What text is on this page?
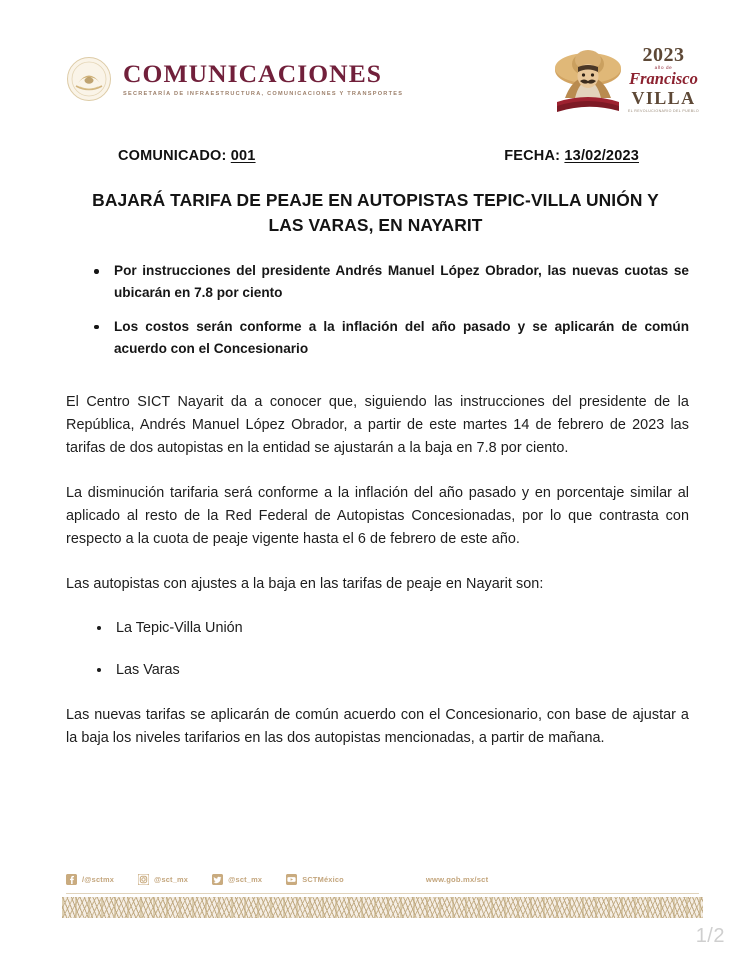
COMUNICACIONES
SECRETARÍA DE INFRAESTRUCTURA, COMUNICACIONES Y TRANSPORTES
2023
año de
Francisco
VILLA
EL REVOLUCIONARIO DEL PUEBLO
COMUNICADO: 001	FECHA: 13/02/2023
BAJARÁ TARIFA DE PEAJE EN AUTOPISTAS TEPIC-VILLA UNIÓN Y LAS VARAS, EN NAYARIT
Por instrucciones del presidente Andrés Manuel López Obrador, las nuevas cuotas se ubicarán en 7.8 por ciento
Los costos serán conforme a la inflación del año pasado y se aplicarán de común acuerdo con el Concesionario

El Centro SICT Nayarit da a conocer que, siguiendo las instrucciones del presidente de la República, Andrés Manuel López Obrador, a partir de este martes 14 de febrero de 2023 las tarifas de dos autopistas en la entidad se ajustarán a la baja en 7.8 por ciento.

La disminución tarifaria será conforme a la inflación del año pasado y en porcentaje similar al aplicado al resto de la Red Federal de Autopistas Concesionadas, por lo que contrasta con respecto a la cuota de peaje vigente hasta el 6 de febrero de este año.

Las autopistas con ajustes a la baja en las tarifas de peaje en Nayarit son:

La Tepic-Villa Unión
Las Varas

Las nuevas tarifas se aplicarán de común acuerdo con el Concesionario, con base de ajustar a la baja los niveles tarifarios en las dos autopistas mencionadas, a partir de mañana.

/@sctmx	@sct_mx	@sct_mx	SCTMéxico	www.gob.mx/sct
1/2
